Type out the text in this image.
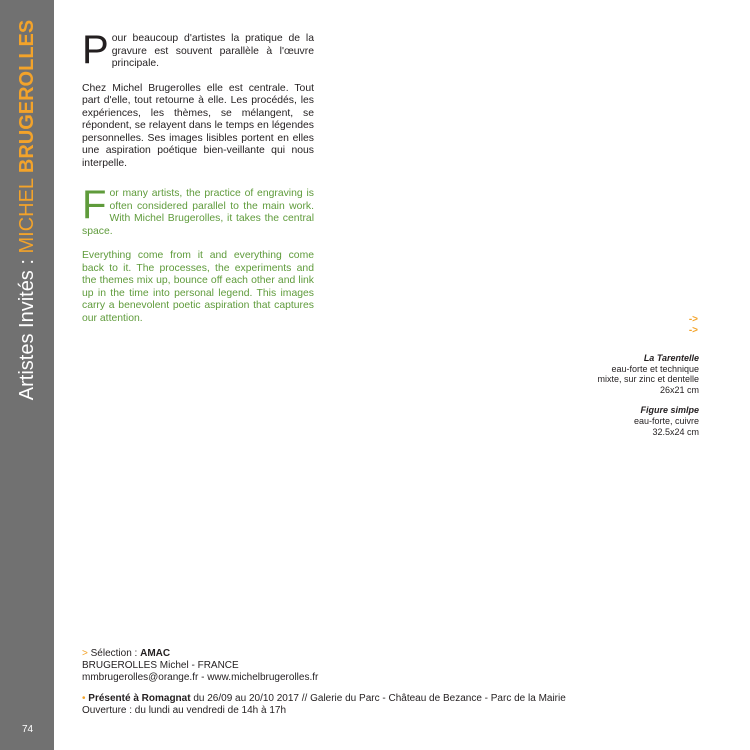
Artistes Invités : MICHEL BRUGEROLLES
74

Pour beaucoup d'artistes la pratique de la gravure est souvent parallèle à l'œuvre principale.

Chez Michel Brugerolles elle est centrale. Tout part d'elle, tout retourne à elle. Les procédés, les expériences, les thèmes, se mélangent, se répondent, se relayent dans le temps en légendes personnelles. Ses images lisibles portent en elles une aspiration poétique bien-veillante qui nous interpelle.

For many artists, the practice of engraving is often considered parallel to the main work. With Michel Brugerolles, it takes the central space.

Everything come from it and everything come back to it. The processes, the experiments and the themes mix up, bounce off each other and link up in the time into personal legend. This images carry a benevolent poetic aspiration that captures our attention.	->
->
La Tarentelle
eau-forte et technique
mixte, sur zinc et dentelle
26x21 cm
Figure simlpe
eau-forte, cuivre
32.5x24 cm
> Sélection : AMAC
BRUGEROLLES Michel - FRANCE
mmbrugerolles@orange.fr - www.michelbrugerolles.fr
• Présenté à Romagnat du 26/09 au 20/10 2017 // Galerie du Parc - Château de Bezance - Parc de la Mairie
Ouverture : du lundi au vendredi de 14h à 17h
